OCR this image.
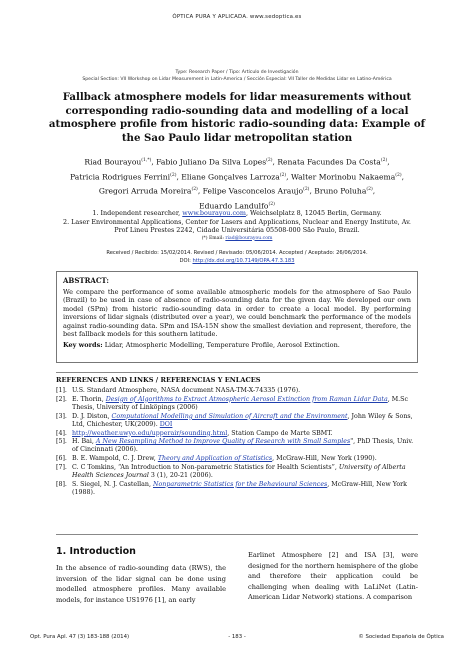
ÓPTICA PURA Y APLICADA. www.sedoptica.es
Type: Research Paper / Tipo: Artículo de Investigación
Special Section: VII Workshop on Lidar Measurement in Latin-America / Sección Especial: VII Taller de Medidas Lidar en Latino-América
Fallback atmosphere models for lidar measurements without corresponding radio-sounding data and modelling of a local atmosphere profile from historic radio-sounding data: Example of the Sao Paulo lidar metropolitan station
Riad Bourayou$^{(1,*)}$, Fabio Juliano Da Silva Lopes$^{(2)}$, Renata Facundes Da Costa$^{(2)}$,
Patricia Rodrigues Ferrini$^{(2)}$, Eliane Gonçalves Larroza$^{(2)}$, Walter Morinobu Nakaema$^{(2)}$,
Gregori Arruda Moreira$^{(2)}$, Felipe Vasconcelos Araujo$^{(2)}$, Bruno Poluha$^{(2)}$,
Eduardo Landulfo$^{(2)}$
1. Independent researcher, www.bourayou.com, Weichselplatz 8, 12045 Berlin, Germany.
2. Laser Environmental Applications, Center for Lasers and Applications, Nuclear and Energy Institute, Av.
Prof Lineu Prestes 2242, Cidade Universitária 05508-000 São Paulo, Brazil.
(*) Email: riad@bourayou.com
Received / Recibido: 15/02/2014. Revised / Revisado: 05/06/2014. Accepted / Aceptado: 26/06/2014.
DOI: http://dx.doi.org/10.7149/OPA.47.3.183
ABSTRACT:
We compare the performance of some available atmospheric models for the atmosphere of Sao Paulo (Brazil) to be used in case of absence of radio-sounding data for the given day. We developed our own model (SPm) from historic radio-sounding data in order to create a local model. By performing inversions of lidar signals (distributed over a year), we could benchmark the performance of the models against radio-sounding data. SPm and ISA-15N show the smallest deviation and represent, therefore, the best fallback models for this southern latitude.
Key words: Lidar, Atmospheric Modelling, Temperature Profile, Aerosol Extinction.
REFERENCES AND LINKS / REFERENCIAS Y ENLACES
[1]. U.S. Standard Atmosphere, NASA document NASA-TM-X-74335 (1976).
[2]. E. Thorin, Design of Algorithms to Extract Atmospheric Aerosol Extinction from Raman Lidar Data, M.Sc Thesis, University of Linköpings (2006)
[3]. D. J. Diston, Computational Modelling and Simulation of Aircraft and the Environment, John Wiley & Sons, Ltd, Chichester, UK(2009). DOI
[4]. http://weather.uwyo.edu/upperair/sounding.html, Station Campo de Marte SBMT.
[5]. H. Bai, A New Resampling Method to Improve Quality of Research with Small Samples", PhD Thesis, Univ. of Cincinnati (2006).
[6]. B. E. Wampold, C. J. Drew, Theory and Application of Statistics, McGraw-Hill, New York (1990).
[7]. C. C Tomkins, “An Introduction to Non-parametric Statistics for Health Scientists”, University of Alberta Health Sciences Journal 3 (1), 20-21 (2006).
[8]. S. Siegel, N. J. Castellan, Nonparametric Statistics for the Behavioural Sciences, McGraw-Hill, New York (1988).
1. Introduction
In the absence of radio-sounding data (RWS), the inversion of the lidar signal can be done using modelled atmosphere profiles. Many available models, for instance US1976 [1], an early
Earlinet Atmosphere [2] and ISA [3], were designed for the northern hemisphere of the globe and therefore their application could be challenging when dealing with LaLiNet (Latin-American Lidar Network) stations. A comparison
Opt. Pura Apl. 47 (3) 183-188 (2014)	- 183 -	© Sociedad Española de Óptica
